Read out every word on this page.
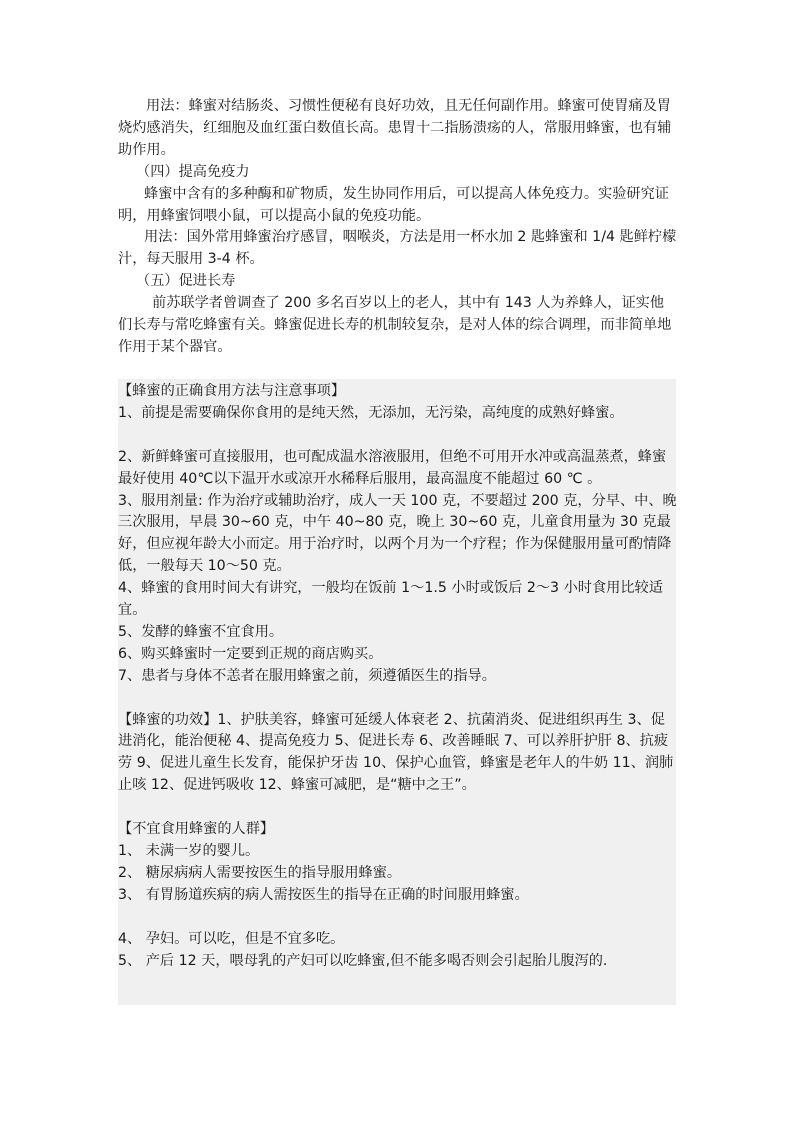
用法：蜂蜜对结肠炎、习惯性便秘有良好功效，且无任何副作用。蜂蜜可使胃痛及胃烧灼感消失，红细胞及血红蛋白数值长高。患胃十二指肠溃疡的人，常服用蜂蜜，也有辅助作用。

（四）提高免疫力

蜂蜜中含有的多种酶和矿物质，发生协同作用后，可以提高人体免疫力。实验研究证明，用蜂蜜饲喂小鼠，可以提高小鼠的免疫功能。

用法：国外常用蜂蜜治疗感冒，咽喉炎，方法是用一杯水加 2 匙蜂蜜和 1/4 匙鲜柠檬汁，每天服用 3-4 杯。

（五）促进长寿

前苏联学者曾调查了 200 多名百岁以上的老人，其中有 143 人为养蜂人，证实他们长寿与常吃蜂蜜有关。蜂蜜促进长寿的机制较复杂，是对人体的综合调理，而非简单地作用于某个器官。

【蜂蜜的正确食用方法与注意事项】

1、前提是需要确保你食用的是纯天然，无添加，无污染，高纯度的成熟好蜂蜜。

2、新鲜蜂蜜可直接服用，也可配成温水溶液服用，但绝不可用开水冲或高温蒸煮，蜂蜜最好使用 40℃以下温开水或凉开水稀释后服用，最高温度不能超过 60 ℃ 。

3、服用剂量: 作为治疗或辅助治疗，成人一天 100 克，不要超过 200 克，分早、中、晚三次服用，早晨 30~60 克，中午 40~80 克，晚上 30~60 克，儿童食用量为 30 克最好，但应视年龄大小而定。用于治疗时，以两个月为一个疗程；作为保健服用量可酌情降低，一般每天 10～50 克。

4、蜂蜜的食用时间大有讲究，一般均在饭前 1～1.5 小时或饭后 2～3 小时食用比较适宜。

5、发酵的蜂蜜不宜食用。

6、购买蜂蜜时一定要到正规的商店购买。

7、患者与身体不恙者在服用蜂蜜之前，须遵循医生的指导。

【蜂蜜的功效】1、护肤美容，蜂蜜可延缓人体衰老 2、抗菌消炎、促进组织再生 3、促进消化，能治便秘 4、提高免疫力 5、促进长寿 6、改善睡眠 7、可以养肝护肝 8、抗疲劳 9、促进儿童生长发育，能保护牙齿 10、保护心血管，蜂蜜是老年人的牛奶 11、润肺止咳 12、促进钙吸收 12、蜂蜜可减肥，是“糖中之王”。

【不宜食用蜂蜜的人群】

1、 未满一岁的婴儿。

2、 糖尿病病人需要按医生的指导服用蜂蜜。

3、 有胃肠道疾病的病人需按医生的指导在正确的时间服用蜂蜜。

4、 孕妇。可以吃，但是不宜多吃。

5、 产后 12 天，喂母乳的产妇可以吃蜂蜜,但不能多喝否则会引起胎儿腹泻的.
